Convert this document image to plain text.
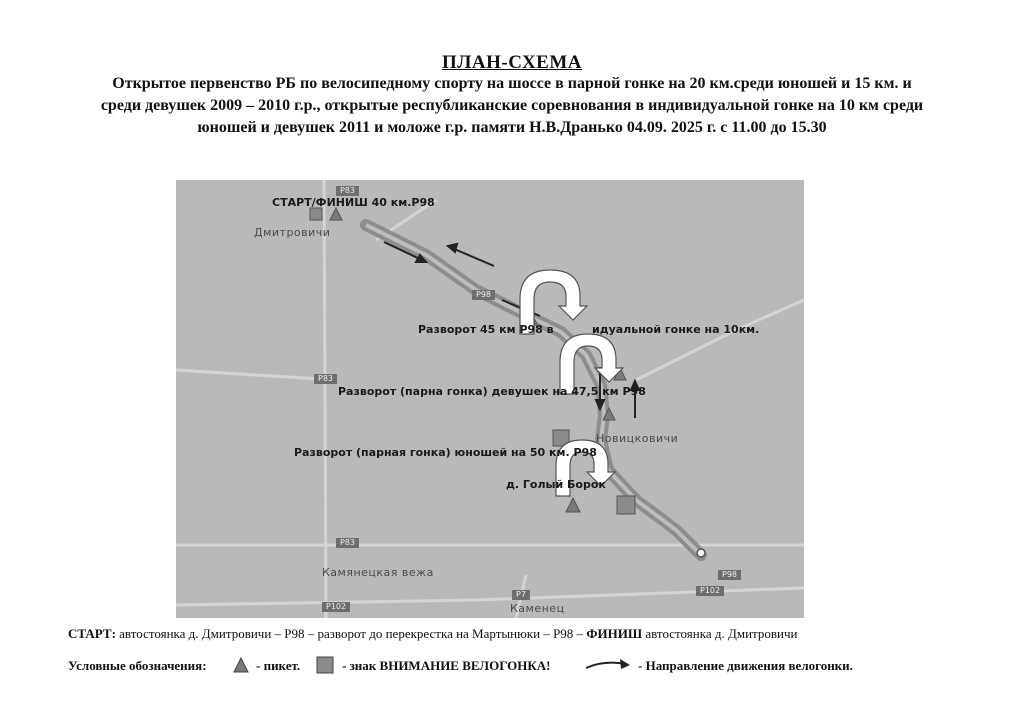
ПЛАН-СХЕМА
Открытое первенство РБ по велосипедному спорту на шоссе в парной гонке на 20 км.среди юношей и 15 км. и
среди девушек 2009 – 2010 г.р., открытые республиканские соревнования в индивидуальной гонке на 10 км среди
юношей и девушек 2011 и моложе г.р. памяти Н.В.Дранько 04.09. 2025 г. с 11.00 до 15.30
Р83
Р98
Р83
Р83
Р98
Р7
Р102
Р102
Дмитровичи
Новицковичи
Камянецкая вежа
Каменец
СТАРТ/ФИНИШ 40 км.Р98
Разворот 45 км Р98 в	идуальной гонке на 10км.
Разворот (парна гонка) девушек на 47,5 км Р98
Разворот (парная гонка) юношей на 50 км. Р98
д. Голый Борок
СТАРТ: автостоянка д. Дмитровичи – Р98 – разворот до перекрестка на Мартынюки – Р98 – ФИНИШ автостоянка д. Дмитровичи
Условные обозначения:	- пикет.	- знак ВНИМАНИЕ ВЕЛОГОНКА!	- Направление движения велогонки.
